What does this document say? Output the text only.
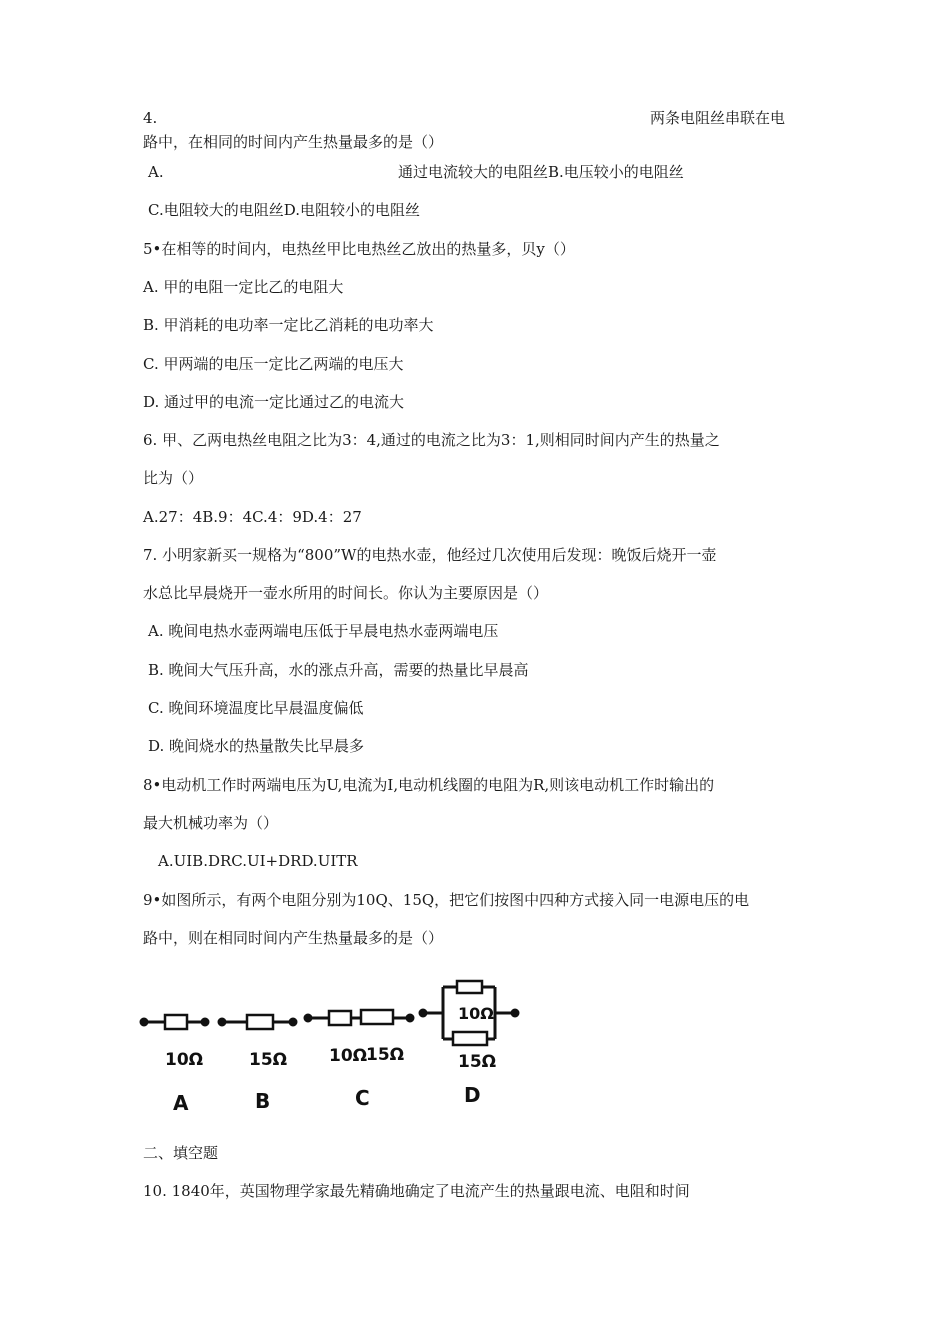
4.	两条电阻丝串联在电
路中，在相同的时间内产生热量最多的是（）
A.	通过电流较大的电阻丝B.电压较小的电阻丝
C.电阻较大的电阻丝D.电阻较小的电阻丝
5•在相等的时间内，电热丝甲比电热丝乙放出的热量多，贝y（）
A. 甲的电阻一定比乙的电阻大
B. 甲消耗的电功率一定比乙消耗的电功率大
C. 甲两端的电压一定比乙两端的电压大
D. 通过甲的电流一定比通过乙的电流大
6. 甲、乙两电热丝电阻之比为3：4,通过的电流之比为3：1,则相同时间内产生的热量之
比为（）
A.27：4B.9：4C.4：9D.4：27
7. 小明家新买一规格为“800”W的电热水壶，他经过几次使用后发现：晚饭后烧开一壶
水总比早晨烧开一壶水所用的时间长。你认为主要原因是（）
A. 晚间电热水壶两端电压低于早晨电热水壶两端电压
B. 晚间大气压升高，水的涨点升高，需要的热量比早晨高
C. 晚间环境温度比早晨温度偏低
D. 晚间烧水的热量散失比早晨多
8•电动机工作时两端电压为U,电流为I,电动机线圈的电阻为R,则该电动机工作时输出的
最大机械功率为（）
A.UIB.DRC.UI+DRD.UITR
9•如图所示，有两个电阻分别为10Q、15Q，把它们按图中四种方式接入同一电源电压的电
路中，则在相同时间内产生热量最多的是（）
10Ω
A
15Ω
B
10Ω
15Ω
C
10Ω
15Ω
D
二、填空题
10. 1840年，英国物理学家最先精确地确定了电流产生的热量跟电流、电阻和时间
